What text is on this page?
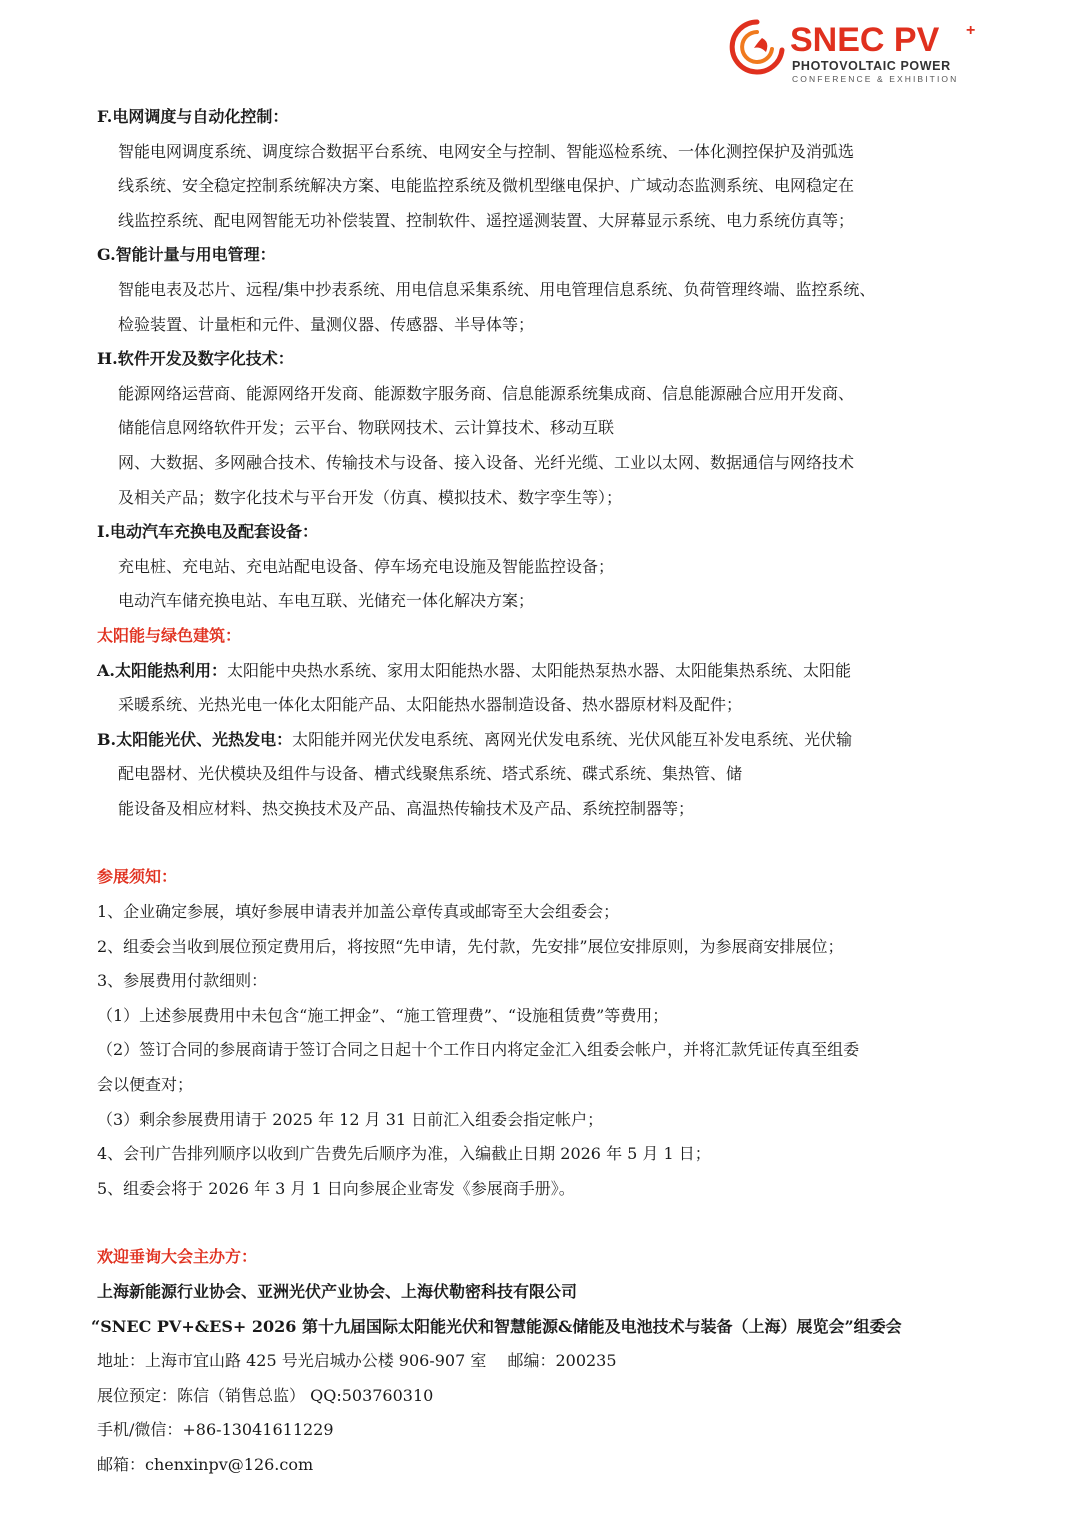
SNEC PV +
PHOTOVOLTAIC POWER
CONFERENCE & EXHIBITION
F.电网调度与自动化控制：
智能电网调度系统、调度综合数据平台系统、电网安全与控制、智能巡检系统、一体化测控保护及消弧选
线系统、安全稳定控制系统解决方案、电能监控系统及微机型继电保护、广域动态监测系统、电网稳定在
线监控系统、配电网智能无功补偿装置、控制软件、遥控遥测装置、大屏幕显示系统、电力系统仿真等；
G.智能计量与用电管理：
智能电表及芯片、远程/集中抄表系统、用电信息采集系统、用电管理信息系统、负荷管理终端、监控系统、
检验装置、计量柜和元件、量测仪器、传感器、半导体等；
H.软件开发及数字化技术：
能源网络运营商、能源网络开发商、能源数字服务商、信息能源系统集成商、信息能源融合应用开发商、
储能信息网络软件开发；云平台、物联网技术、云计算技术、移动互联
网、大数据、多网融合技术、传输技术与设备、接入设备、光纤光缆、工业以太网、数据通信与网络技术
及相关产品；数字化技术与平台开发（仿真、模拟技术、数字孪生等）；
I.电动汽车充换电及配套设备：
充电桩、充电站、充电站配电设备、停车场充电设施及智能监控设备；
电动汽车储充换电站、车电互联、光储充一体化解决方案；
太阳能与绿色建筑：
A.太阳能热利用：太阳能中央热水系统、家用太阳能热水器、太阳能热泵热水器、太阳能集热系统、太阳能
采暖系统、光热光电一体化太阳能产品、太阳能热水器制造设备、热水器原材料及配件；
B.太阳能光伏、光热发电：太阳能并网光伏发电系统、离网光伏发电系统、光伏风能互补发电系统、光伏输
配电器材、光伏模块及组件与设备、槽式线聚焦系统、塔式系统、碟式系统、集热管、储
能设备及相应材料、热交换技术及产品、高温热传输技术及产品、系统控制器等；
参展须知：
1、企业确定参展，填好参展申请表并加盖公章传真或邮寄至大会组委会；
2、组委会当收到展位预定费用后，将按照“先申请，先付款，先安排”展位安排原则，为参展商安排展位；
3、参展费用付款细则：
（1）上述参展费用中未包含“施工押金”、“施工管理费”、“设施租赁费”等费用；
（2）签订合同的参展商请于签订合同之日起十个工作日内将定金汇入组委会帐户，并将汇款凭证传真至组委
会以便查对；
（3）剩余参展费用请于 2025 年 12 月 31 日前汇入组委会指定帐户；
4、会刊广告排列顺序以收到广告费先后顺序为准，入编截止日期 2026 年 5 月 1 日；
5、组委会将于 2026 年 3 月 1 日向参展企业寄发《参展商手册》。
欢迎垂询大会主办方：
上海新能源行业协会、亚洲光伏产业协会、上海伏勒密科技有限公司
“SNEC PV+&ES+ 2026 第十九届国际太阳能光伏和智慧能源&储能及电池技术与装备（上海）展览会”组委会
地址：上海市宜山路 425 号光启城办公楼 906-907 室　 邮编：200235
展位预定：陈信（销售总监） QQ:503760310
手机/微信：+86-13041611229
邮箱：chenxinpv@126.com
